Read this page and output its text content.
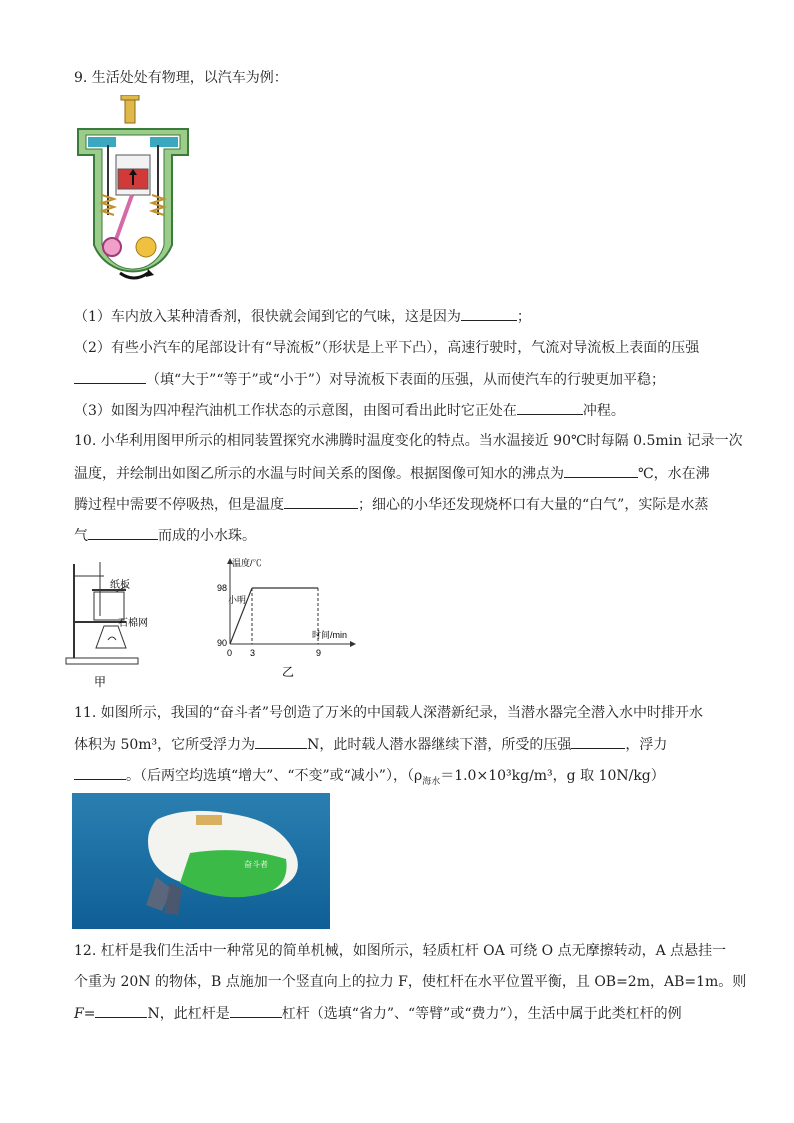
9. 生活处处有物理，以汽车为例：
（1）车内放入某种清香剂，很快就会闻到它的气味，这是因为	；
（2）有些小汽车的尾部设计有“导流板”（形状是上平下凸），高速行驶时，气流对导流板上表面的压强
（填“大于”“等于”或“小于”）对导流板下表面的压强，从而使汽车的行驶更加平稳；
（3）如图为四冲程汽油机工作状态的示意图，由图可看出此时它正处在	冲程。
10. 小华利用图甲所示的相同装置探究水沸腾时温度变化的特点。当水温接近 90℃时每隔 0.5min 记录一次
温度，并绘制出如图乙所示的水温与时间关系的图像。根据图像可知水的沸点为	℃，水在沸
腾过程中需要不停吸热，但是温度	；细心的小华还发现烧杯口有大量的“白气”，实际是水蒸
气	而成的小水珠。
纸板
石棉网
甲
温度/℃
时间/min
98
90
0 3	9
小明
乙
11. 如图所示，我国的“奋斗者”号创造了万米的中国载人深潜新纪录，当潜水器完全潜入水中时排开水
体积为 50m³，它所受浮力为	N，此时载人潜水器继续下潜，所受的压强	，浮力
。（后两空均选填“增大”、“不变”或“减小”），（$\rho_{海水}=1.0\times 10^3kg/m^3$，g 取 10N/kg）
奋斗者
12. 杠杆是我们生活中一种常见的简单机械，如图所示，轻质杠杆 OA 可绕 O 点无摩擦转动，A 点悬挂一
个重为 20N 的物体，B 点施加一个竖直向上的拉力 F，使杠杆在水平位置平衡，且 OB=2m，AB=1m。则
F=	N，此杠杆是	杠杆（选填“省力”、“等臂”或“费力”），生活中属于此类杠杆的例
